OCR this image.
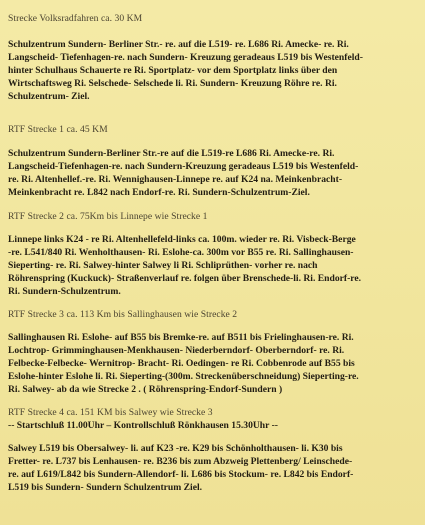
Strecke Volksradfahren ca. 30 KM
Schulzentrum Sundern- Berliner Str.- re. auf die L519- re. L686 Ri. Amecke- re. Ri.
Langscheid- Tiefenhagen-re. nach Sundern- Kreuzung geradeaus L519 bis Westenfeld-
hinter Schulhaus Schauerte re Ri. Sportplatz- vor dem Sportplatz links über den
Wirtschaftsweg Ri. Selschede- Selschede li. Ri. Sundern- Kreuzung Röhre re. Ri.
Schulzentrum- Ziel.
RTF Strecke 1 ca. 45 KM
Schulzentrum Sundern-Berliner Str.-re auf die L519-re L686 Ri. Amecke-re. Ri.
Langscheid-Tiefenhagen-re. nach Sundern-Kreuzung geradeaus L519 bis Westenfeld-
re. Ri. Altenhellef.-re. Ri. Wennighausen-Linnepe re. auf K24 na. Meinkenbracht-
Meinkenbracht re. L842 nach Endorf-re. Ri. Sundern-Schulzentrum-Ziel.
RTF Strecke 2 ca. 75Km bis Linnepe wie Strecke 1
Linnepe links K24 - re Ri. Altenhellefeld-links ca. 100m. wieder re. Ri. Visbeck-Berge
-re. L541/840 Ri. Wenholthausen- Ri. Eslohe-ca. 300m vor B55 re. Ri. Sallinghausen-
Sieperting- re. Ri. Salwey-hinter Salwey li Ri. Schliprüthen- vorher re. nach
Röhrenspring (Kuckuck)- Straßenverlauf re. folgen über Brenschede-li. Ri. Endorf-re.
Ri. Sundern-Schulzentrum.
RTF Strecke 3 ca. 113 Km bis Sallinghausen wie Strecke 2
Sallinghausen Ri. Eslohe- auf B55 bis Bremke-re. auf B511 bis Frielinghausen-re. Ri.
Lochtrop- Grimminghausen-Menkhausen- Niederberndorf- Oberberndorf- re. Ri.
Felbecke-Felbecke- Wernitrop- Bracht- Ri. Oedingen- re Ri. Cobbenrode auf B55 bis
Eslohe-hinter Eslohe li. Ri. Sieperting-(300m. Streckenüberschneidung) Sieperting-re.
Ri. Salwey- ab da wie Strecke 2 . ( Röhrenspring-Endorf-Sundern )
RTF Strecke 4 ca. 151 KM bis Salwey wie Strecke 3
-- Startschluß 11.00Uhr – Kontrollschluß Rönkhausen 15.30Uhr --
Salwey L519 bis Obersalwey- li. auf K23 -re. K29 bis Schönholthausen- li. K30 bis
Fretter- re. L737 bis Lenhausen- re. B236 bis zum Abzweig Plettenberg/ Leinschede-
re. auf L619/L842 bis Sundern-Allendorf- li. L686 bis Stockum- re. L842 bis Endorf-
L519 bis Sundern- Sundern Schulzentrum Ziel.
